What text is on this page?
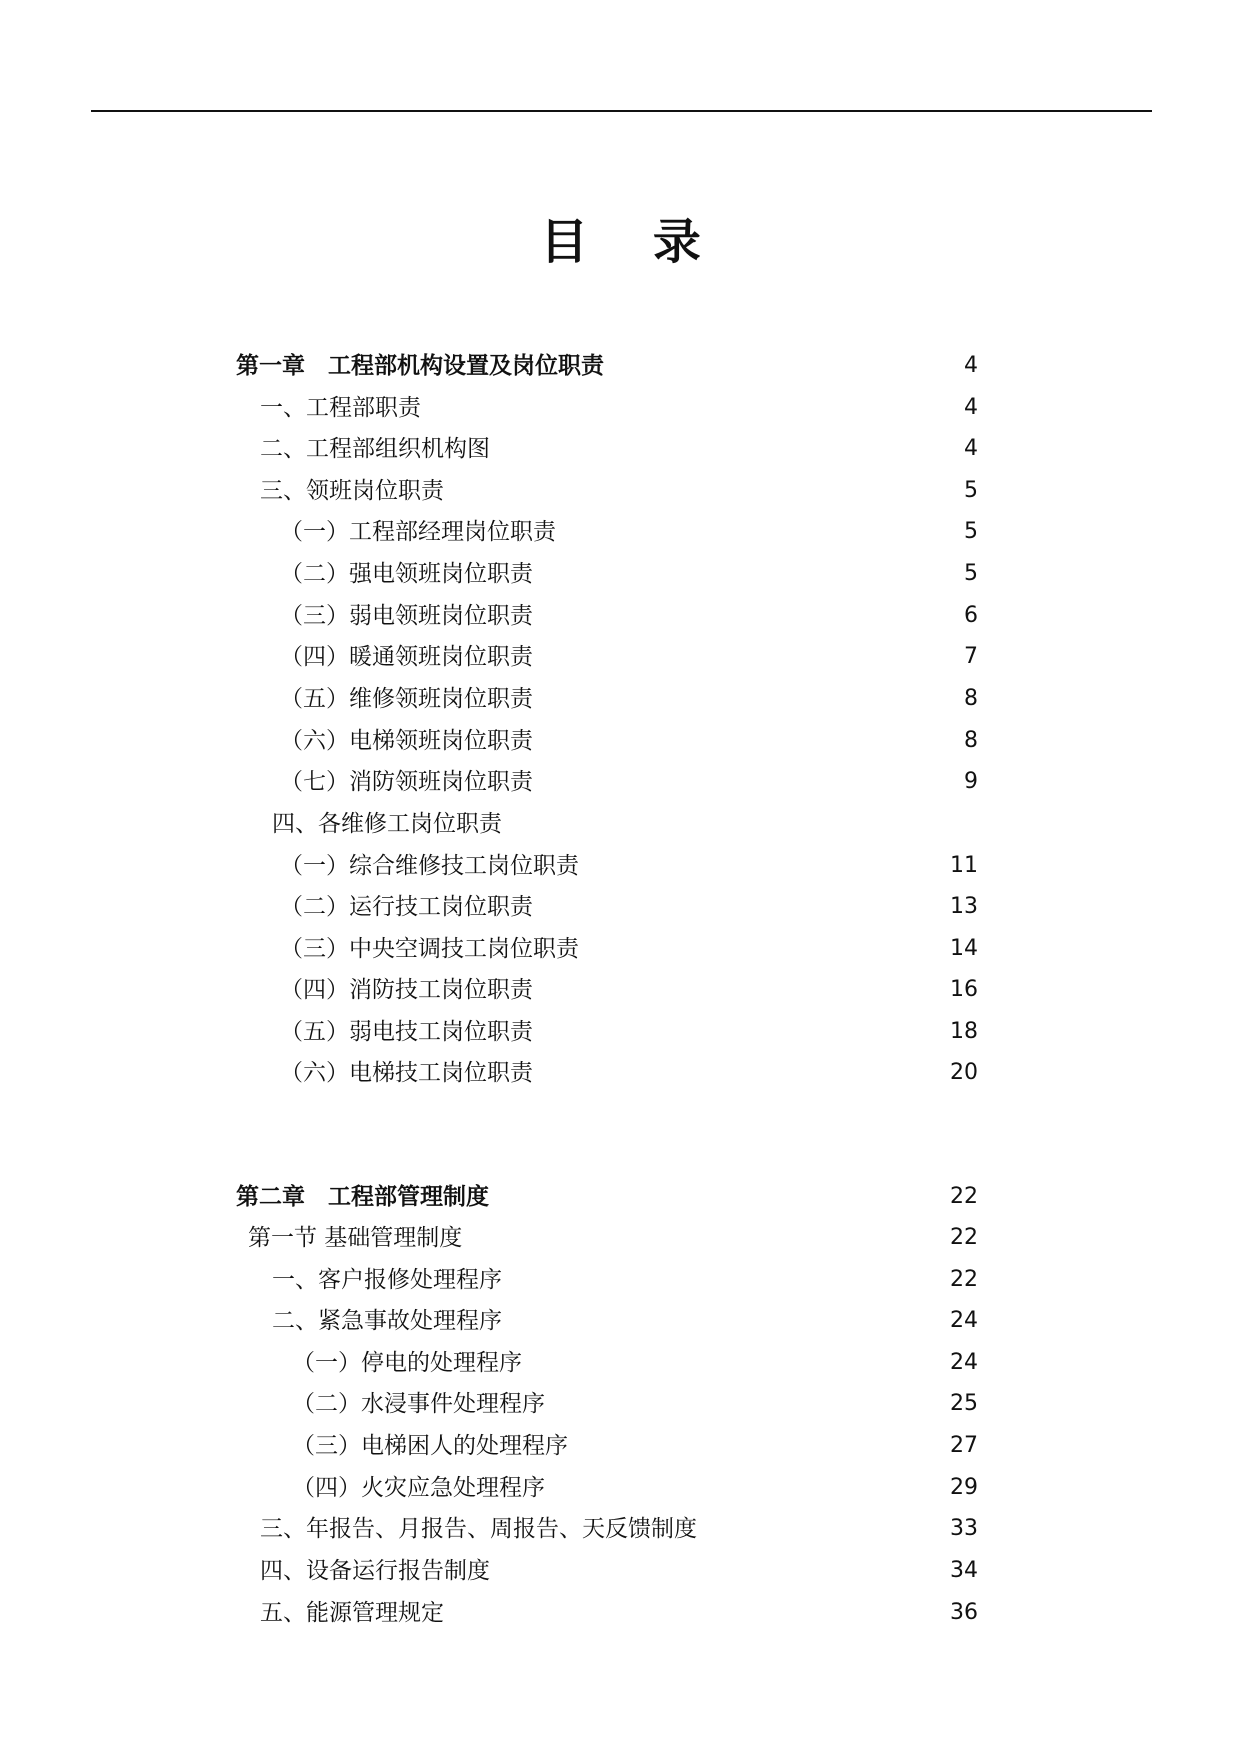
目 录
第一章　工程部机构设置及岗位职责	4
一、工程部职责	4
二、工程部组织机构图	4
三、领班岗位职责	5
（一）工程部经理岗位职责	5
（二）强电领班岗位职责	5
（三）弱电领班岗位职责	6
（四）暖通领班岗位职责	7
（五）维修领班岗位职责	8
（六）电梯领班岗位职责	8
（七）消防领班岗位职责	9
四、各维修工岗位职责
（一）综合维修技工岗位职责	11
（二）运行技工岗位职责	13
（三）中央空调技工岗位职责	14
（四）消防技工岗位职责	16
（五）弱电技工岗位职责	18
（六）电梯技工岗位职责	20
第二章　工程部管理制度	22
第一节 基础管理制度	22
一、客户报修处理程序	22
二、紧急事故处理程序	24
（一）停电的处理程序	24
（二）水浸事件处理程序	25
（三）电梯困人的处理程序	27
（四）火灾应急处理程序	29
三、年报告、月报告、周报告、天反馈制度	33
四、设备运行报告制度	34
五、能源管理规定	36
